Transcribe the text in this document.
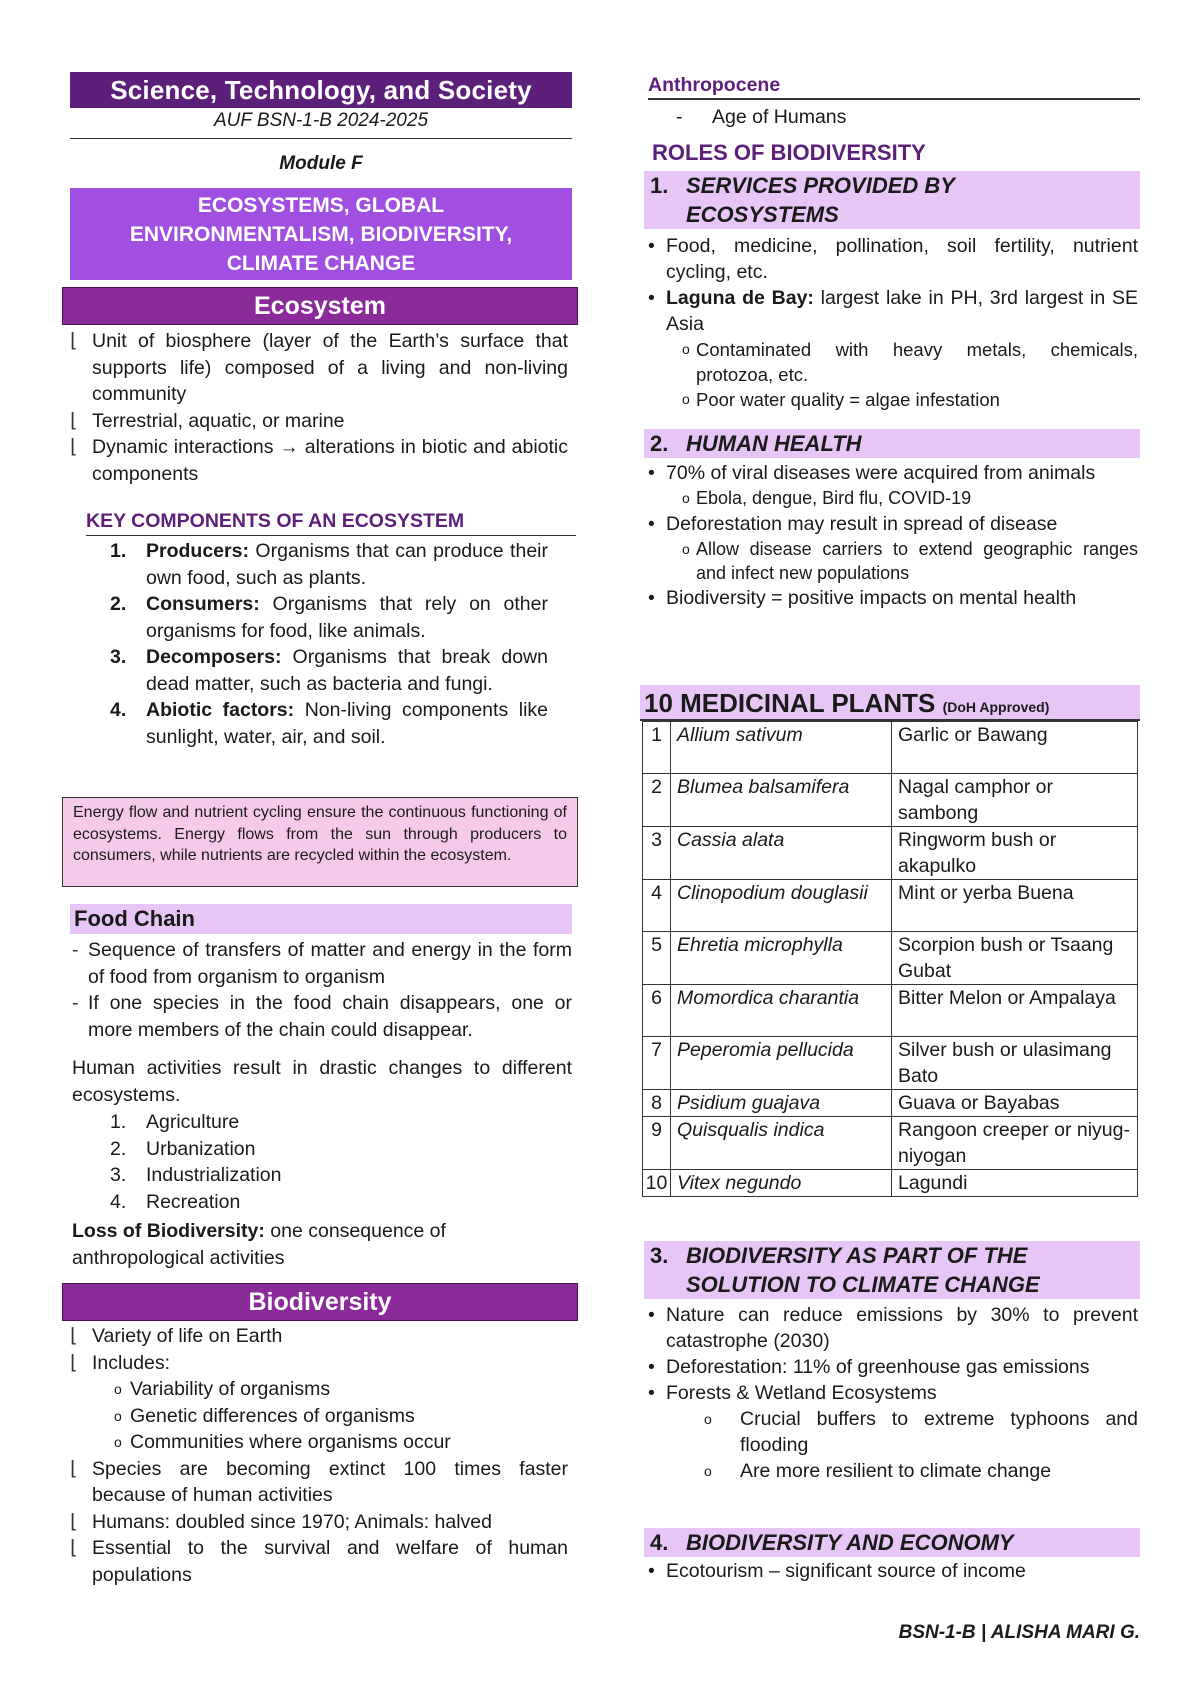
Science, Technology, and Society
AUF BSN-1-B 2024-2025
Module F
ECOSYSTEMS, GLOBAL
ENVIRONMENTALISM, BIODIVERSITY,
CLIMATE CHANGE
Ecosystem
⌊ Unit of biosphere (layer of the Earth’s surface that supports life) composed of a living and non-living community
⌊ Terrestrial, aquatic, or marine
⌊ Dynamic interactions → alterations in biotic and abiotic components
KEY COMPONENTS OF AN ECOSYSTEM
1. Producers: Organisms that can produce their own food, such as plants.
2. Consumers: Organisms that rely on other organisms for food, like animals.
3. Decomposers: Organisms that break down dead matter, such as bacteria and fungi.
4. Abiotic factors: Non-living components like sunlight, water, air, and soil.
Energy flow and nutrient cycling ensure the continuous functioning of ecosystems. Energy flows from the sun through producers to consumers, while nutrients are recycled within the ecosystem.
Food Chain
- Sequence of transfers of matter and energy in the form of food from organism to organism
- If one species in the food chain disappears, one or more members of the chain could disappear.
Human activities result in drastic changes to different ecosystems.
1. Agriculture
2. Urbanization
3. Industrialization
4. Recreation
Loss of Biodiversity: one consequence of anthropological activities
Biodiversity
⌊ Variety of life on Earth
⌊ Includes:
o Variability of organisms
o Genetic differences of organisms
o Communities where organisms occur
⌊ Species are becoming extinct 100 times faster because of human activities
⌊ Humans: doubled since 1970; Animals: halved
⌊ Essential to the survival and welfare of human populations
Anthropocene
- Age of Humans
ROLES OF BIODIVERSITY
1. SERVICES PROVIDED BY
ECOSYSTEMS
• Food, medicine, pollination, soil fertility, nutrient cycling, etc.
• Laguna de Bay: largest lake in PH, 3rd largest in SE Asia
o Contaminated with heavy metals, chemicals, protozoa, etc.
o Poor water quality = algae infestation
2. HUMAN HEALTH
• 70% of viral diseases were acquired from animals
o Ebola, dengue, Bird flu, COVID-19
• Deforestation may result in spread of disease
o Allow disease carriers to extend geographic ranges and infect new populations
• Biodiversity = positive impacts on mental health
10 MEDICINAL PLANTS (DoH Approved)
1	Allium sativum	Garlic or Bawang
2	Blumea balsamifera	Nagal camphor or sambong
3	Cassia alata	Ringworm bush or akapulko
4	Clinopodium douglasii	Mint or yerba Buena
5	Ehretia microphylla	Scorpion bush or Tsaang Gubat
6	Momordica charantia	Bitter Melon or Ampalaya
7	Peperomia pellucida	Silver bush or ulasimang Bato
8	Psidium guajava	Guava or Bayabas
9	Quisqualis indica	Rangoon creeper or niyug-niyogan
10	Vitex negundo	Lagundi
3. BIODIVERSITY AS PART OF THE
SOLUTION TO CLIMATE CHANGE
• Nature can reduce emissions by 30% to prevent catastrophe (2030)
• Deforestation: 11% of greenhouse gas emissions
• Forests & Wetland Ecosystems
o Crucial buffers to extreme typhoons and flooding
o Are more resilient to climate change
4. BIODIVERSITY AND ECONOMY
• Ecotourism – significant source of income
BSN-1-B | ALISHA MARI G.
